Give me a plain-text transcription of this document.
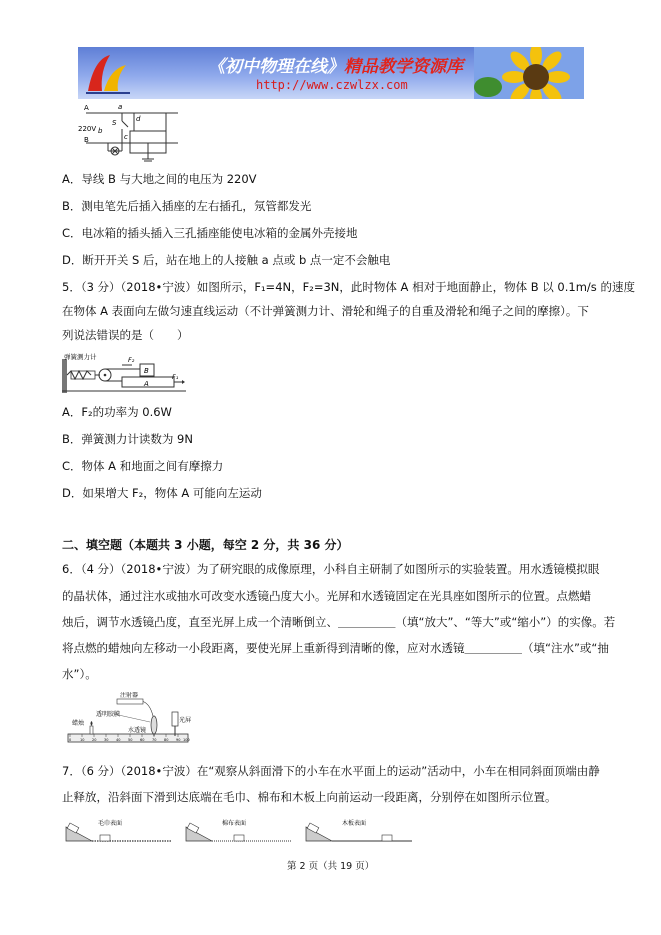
《初中物理在线》精品教学资源库
http://www.czwlzx.com
A
220V
B
a
b
c
d
S
A．导线 B 与大地之间的电压为 220V
B．测电笔先后插入插座的左右插孔，氖管都发光
C．电冰箱的插头插入三孔插座能使电冰箱的金属外壳接地
D．断开开关 S 后，站在地上的人接触 a 点或 b 点一定不会触电
5．（3 分）（2018•宁波）如图所示，F₁=4N，F₂=3N，此时物体 A 相对于地面静止，物体 B 以 0.1m/s 的速度
在物体 A 表面向左做匀速直线运动（不计弹簧测力计、滑轮和绳子的自重及滑轮和绳子之间的摩擦）。下
列说法错误的是（　　）
弹簧测力计	F₂
B
A
F₁
A．F₂的功率为 0.6W
B．弹簧测力计读数为 9N
C．物体 A 和地面之间有摩擦力
D．如果增大 F₂，物体 A 可能向左运动
二、填空题（本题共 3 小题，每空 2 分，共 36 分）
6．（4 分）（2018•宁波）为了研究眼的成像原理，小科自主研制了如图所示的实验装置。用水透镜模拟眼
的晶状体，通过注水或抽水可改变水透镜凸度大小。光屏和水透镜固定在光具座如图所示的位置。点燃蜡
烛后，调节水透镜凸度，直至光屏上成一个清晰倒立、＿＿＿＿＿（填“放大”、“等大”或“缩小”）的实像。若
将点燃的蜡烛向左移动一小段距离，要使光屏上重新得到清晰的像，应对水透镜＿＿＿＿＿（填“注水”或“抽
水”）。
0	10 20 30 40 50 60 70 80 90 100
注射器
透明胶膜
蜡烛
水透镜
光屏
7．（6 分）（2018•宁波）在“观察从斜面滑下的小车在水平面上的运动”活动中，小车在相同斜面顶端由静
止释放，沿斜面下滑到达底端在毛巾、棉布和木板上向前运动一段距离，分别停在如图所示位置。
毛巾表面	棉布表面	木板表面
第 2 页（共 19 页）
